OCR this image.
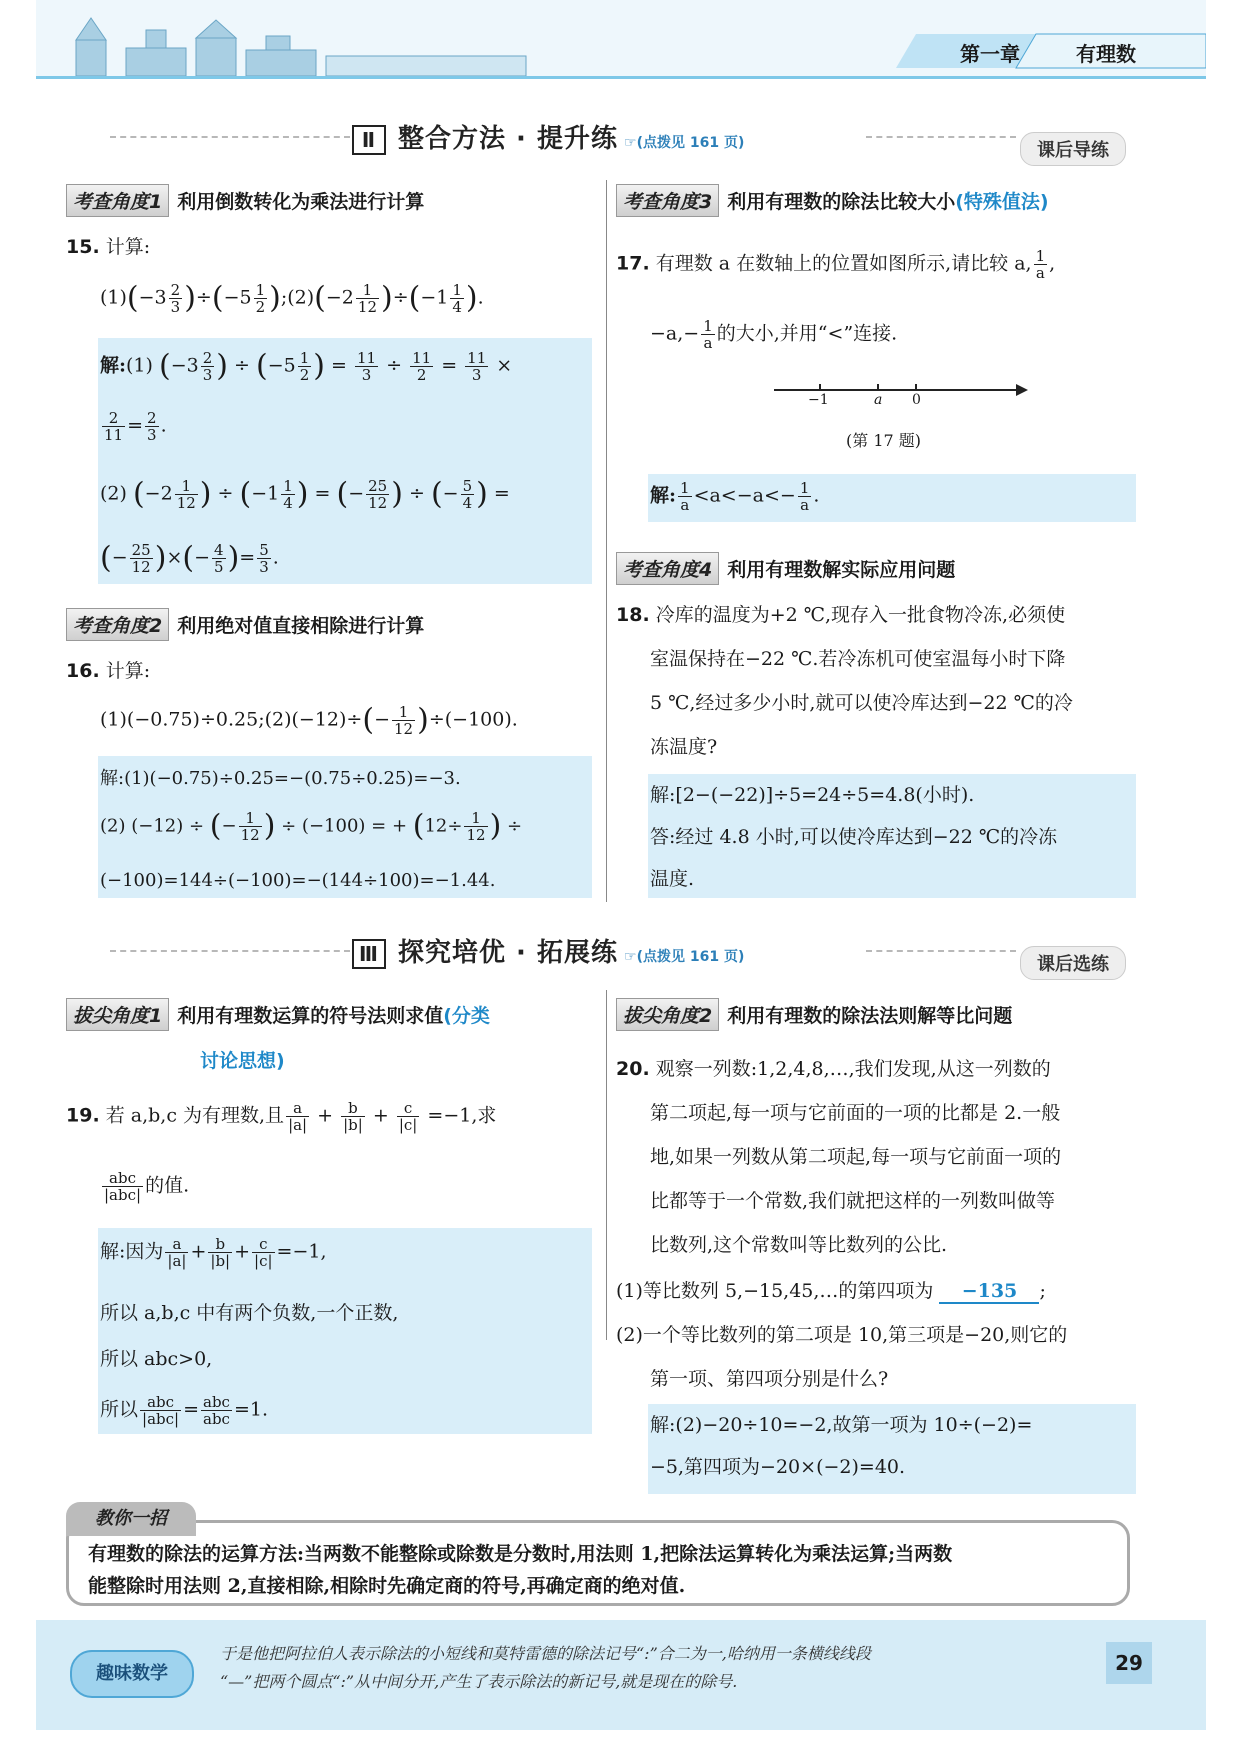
第一章	有理数
Ⅱ 整合方法 · 提升练 ☞(点拨见 161 页)	课后导练
考查角度1 利用倒数转化为乘法进行计算
15. 计算:
$(1)(-3 \frac{2}{3} )\div(-5 \frac{1}{2}$ );(2)(−2 $\frac{1}{12} )\div(-1 \frac{1}{4}$ ).
解:(1) ($-3 \frac{2}{3}$ ) ÷ ($-5 \frac{1}{2}$ ) = $\frac{11}{3} \div \frac{11}{2} = \frac{11}{3}$ ×
$\frac{2}{11} = \frac{2}{3}$ .
(2) ($-2 \frac{1}{12}$ ) ÷ ($-1 \frac{1}{4}$ ) = (− $\frac{25}{12}$ ) ÷ (− $\frac{5}{4}$ ) =
(− $\frac{25}{12}$ )×(− $\frac{4}{5}$ )= $\frac{5}{3}$ .
考查角度2 利用绝对值直接相除进行计算
16. 计算:
(1)(−0.75)÷0.25;(2)(−12)÷(− $\frac{1}{12} )\div(-100)$.
解:(1)(−0.75)÷0.25=−(0.75÷0.25)=−3.
(2) (−12) ÷ (− $\frac{1}{12}$ ) ÷ (−100) = + ($12\div \frac{1}{12}$ ) ÷
(−100)=144÷(−100)=−(144÷100)=−1.44.
考查角度3 利用有理数的除法比较大小(特殊值法)
17. 有理数 a 在数轴上的位置如图所示,请比较 a, $\frac{1}{a}$ ,
$-a,- \frac{1}{a}$ 的大小,并用“<”连接.
−1	a 0
(第 17 题)
解: $\frac{1}{a} <a<-a<- \frac{1}{a}$ .
考查角度4 利用有理数解实际应用问题
18. 冷库的温度为+2 ℃,现存入一批食物冷冻,必须使
室温保持在−22 ℃.若冷冻机可使室温每小时下降
5 ℃,经过多少小时,就可以使冷库达到−22 ℃的冷
冻温度?
解:[2−(−22)]÷5=24÷5=4.8(小时).
答:经过 4.8 小时,可以使冷库达到−22 ℃的冷冻
温度.
Ⅲ 探究培优 · 拓展练 ☞(点拨见 161 页)	课后选练
拔尖角度1 利用有理数运算的符号法则求值(分类
讨论思想)
19. 若 a,b,c 为有理数,且 $\frac{a}{|a|} + \frac{b}{|b|} + \frac{c}{|c|} =-1$,求
$\frac{\text{abc}}{\text{|abc|}}$ 的值.
解:因为 $\frac{a}{|a|} + \frac{b}{|b|} + \frac{c}{|c|} =-1$,
所以 a,b,c 中有两个负数,一个正数,
所以 abc>0,
所以 $\frac{\text{abc}}{\text{|abc|}} = \frac{\text{abc}}{\text{abc}} =1$.
拔尖角度2 利用有理数的除法法则解等比问题
20. 观察一列数:1,2,4,8,…,我们发现,从这一列数的
第二项起,每一项与它前面的一项的比都是 2.一般
地,如果一列数从第二项起,每一项与它前面一项的
比都等于一个常数,我们就把这样的一列数叫做等
比数列,这个常数叫等比数列的公比.
(1)等比数列 5,−15,45,…的第四项为 −135 ;
(2)一个等比数列的第二项是 10,第三项是−20,则它的
第一项、第四项分别是什么?
教你一招
有理数的除法的运算方法:当两数不能整除或除数是分数时,用法则 1,把除法运算转化为乘法运算;当两数
能整除时用法则 2,直接相除,相除时先确定商的符号,再确定商的绝对值.
解:(2)−20÷10=−2,故第一项为 10÷(−2)=
−5,第四项为−20×(−2)=40.
趣味数学
于是他把阿拉伯人表示除法的小短线和莫特雷德的除法记号“:”合二为一,哈纳用一条横线线段
“—”把两个圆点“:”从中间分开,产生了表示除法的新记号,就是现在的除号.
29
